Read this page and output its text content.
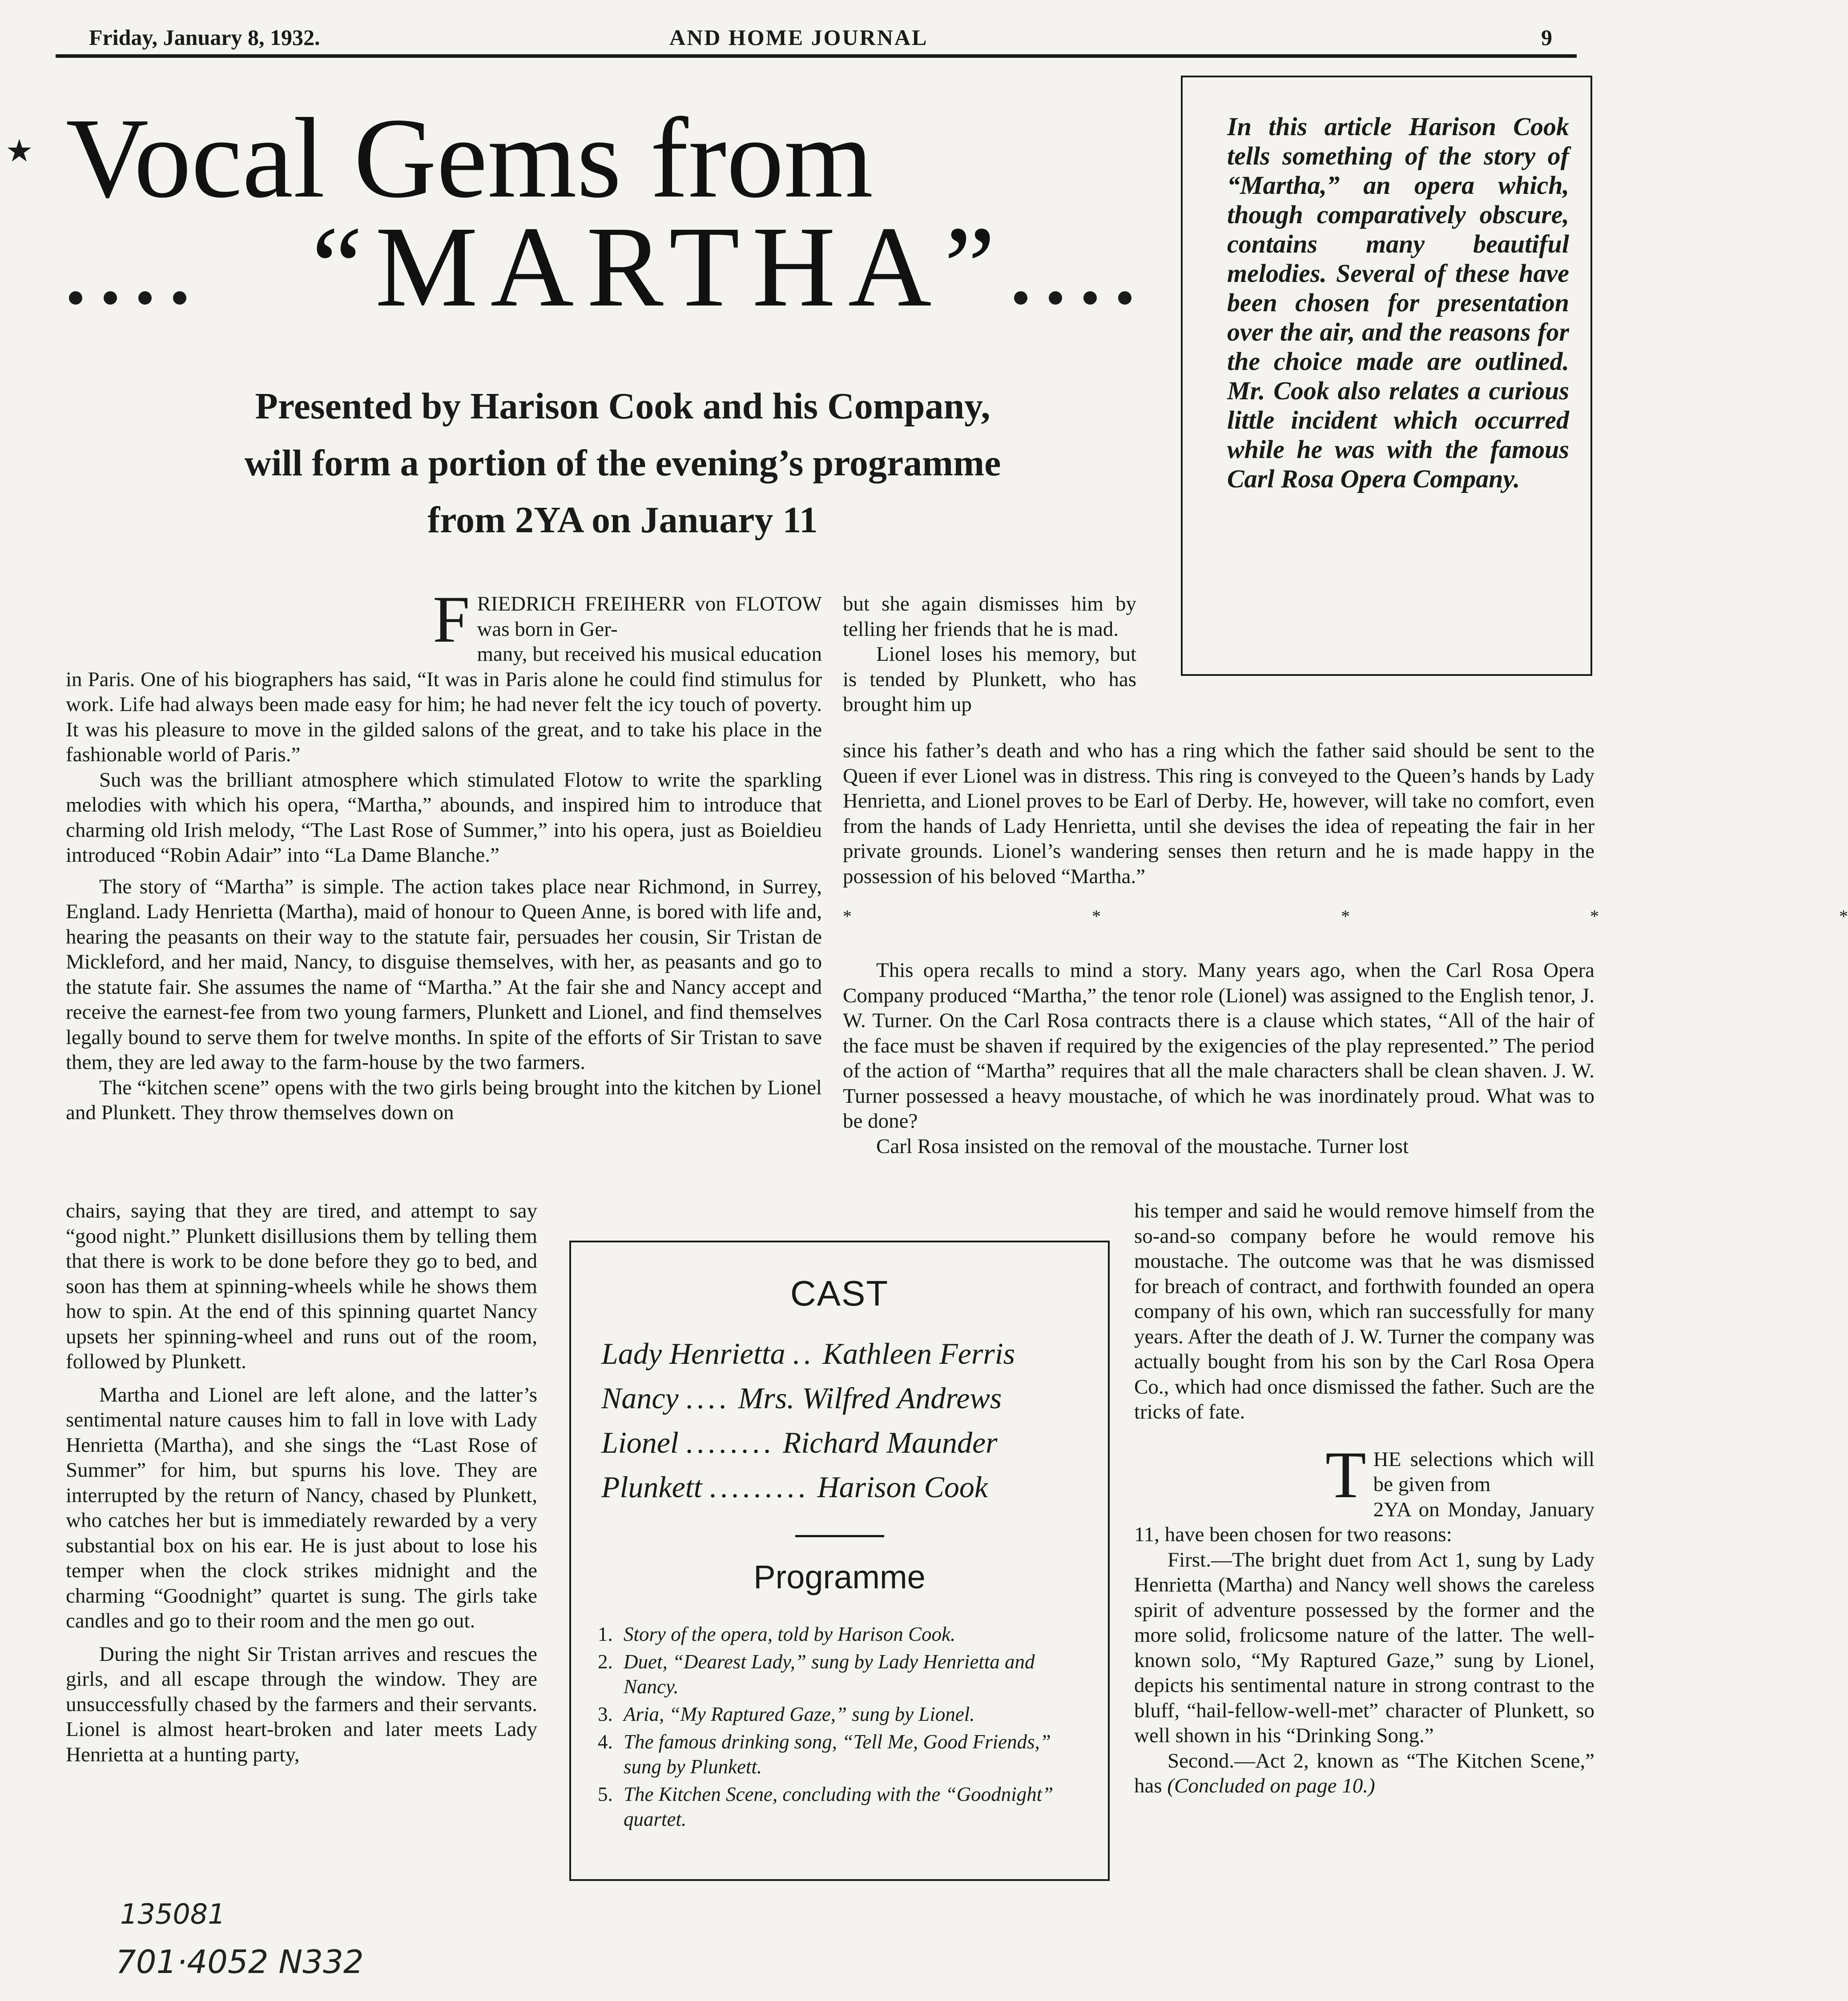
Friday, January 8, 1932.	AND HOME JOURNAL	9
★ Vocal Gems from
“MARTHA”
Presented by Harison Cook and his Company,
will form a portion of the evening’s programme
from 2YA on January 11
In this article Harison Cook tells something of the story of “Martha,” an opera which, though comparatively obscure, contains many beautiful melodies. Several of these have been chosen for presentation over the air, and the reasons for the choice made are outlined. Mr. Cook also relates a curious little incident which occurred while he was with the famous Carl Rosa Opera Company.
F RIEDRICH FREIHERR von FLOTOW was born in Ger-

many, but received his musical education in Paris. One of his biographers has said, “It was in Paris alone he could find stimulus for work. Life had always been made easy for him; he had never felt the icy touch of poverty. It was his pleasure to move in the gilded salons of the great, and to take his place in the fashionable world of Paris.”

Such was the brilliant atmosphere which stimulated Flotow to write the sparkling melodies with which his opera, “Martha,” abounds, and inspired him to introduce that charming old Irish melody, “The Last Rose of Summer,” into his opera, just as Boieldieu introduced “Robin Adair” into “La Dame Blanche.”

The story of “Martha” is simple. The action takes place near Richmond, in Surrey, England. Lady Henrietta (Martha), maid of honour to Queen Anne, is bored with life and, hearing the peasants on their way to the statute fair, persuades her cousin, Sir Tristan de Mickleford, and her maid, Nancy, to disguise themselves, with her, as peasants and go to the statute fair. She assumes the name of “Martha.” At the fair she and Nancy accept and receive the earnest-fee from two young farmers, Plunkett and Lionel, and find themselves legally bound to serve them for twelve months. In spite of the efforts of Sir Tristan to save them, they are led away to the farm-house by the two farmers.

The “kitchen scene” opens with the two girls being brought into the kitchen by Lionel and Plunkett. They throw themselves down on

chairs, saying that they are tired, and attempt to say “good night.” Plunkett disillusions them by telling them that there is work to be done before they go to bed, and soon has them at spinning-wheels while he shows them how to spin. At the end of this spinning quartet Nancy upsets her spinning-wheel and runs out of the room, followed by Plunkett.

Martha and Lionel are left alone, and the latter’s sentimental nature causes him to fall in love with Lady Henrietta (Martha), and she sings the “Last Rose of Summer” for him, but spurns his love. They are interrupted by the return of Nancy, chased by Plunkett, who catches her but is immediately rewarded by a very substantial box on his ear. He is just about to lose his temper when the clock strikes midnight and the charming “Goodnight” quartet is sung. The girls take candles and go to their room and the men go out.

During the night Sir Tristan arrives and rescues the girls, and all escape through the window. They are unsuccessfully chased by the farmers and their servants. Lionel is almost heart-broken and later meets Lady Henrietta at a hunting party,

135081
701·4052 N332

but she again dismisses him by telling her friends that he is mad.

Lionel loses his memory, but is tended by Plunkett, who has brought him up

since his father’s death and who has a ring which the father said should be sent to the Queen if ever Lionel was in distress. This ring is conveyed to the Queen’s hands by Lady Henrietta, and Lionel proves to be Earl of Derby. He, however, will take no comfort, even from the hands of Lady Henrietta, until she devises the idea of repeating the fair in her private grounds. Lionel’s wandering senses then return and he is made happy in the possession of his beloved “Martha.”

*  *  *  *  *

This opera recalls to mind a story. Many years ago, when the Carl Rosa Opera Company produced “Martha,” the tenor role (Lionel) was assigned to the English tenor, J. W. Turner. On the Carl Rosa contracts there is a clause which states, “All of the hair of the face must be shaven if required by the exigencies of the play represented.” The period of the action of “Martha” requires that all the male characters shall be clean shaven. J. W. Turner possessed a heavy moustache, of which he was inordinately proud. What was to be done?

Carl Rosa insisted on the removal of the moustache. Turner lost

his temper and said he would remove himself from the so-and-so company before he would remove his moustache. The outcome was that he was dismissed for breach of contract, and forthwith founded an opera company of his own, which ran successfully for many years. After the death of J. W. Turner the company was actually bought from his son by the Carl Rosa Opera Co., which had once dismissed the father. Such are the tricks of fate.

T HE selections which will be given from

2YA on Monday, January 11, have been chosen for two reasons:

First.—The bright duet from Act 1, sung by Lady Henrietta (Martha) and Nancy well shows the careless spirit of adventure possessed by the former and the more solid, frolicsome nature of the latter. The well-known solo, “My Raptured Gaze,” sung by Lionel, depicts his sentimental nature in strong contrast to the bluff, “hail-fellow-well-met” character of Plunkett, so well shown in his “Drinking Song.”

Second.—Act 2, known as “The Kitchen Scene,” has (Concluded on page 10.)

CAST
Lady Henrietta .. Kathleen Ferris
Nancy .... Mrs. Wilfred Andrews
Lionel ........ Richard Maunder
Plunkett ......... Harison Cook
Programme
1. Story of the opera, told by Harison Cook.
2. Duet, “Dearest Lady,” sung by Lady Henrietta and Nancy.
3. Aria, “My Raptured Gaze,” sung by Lionel.
4. The famous drinking song, “Tell Me, Good Friends,” sung by Plunkett.
5. The Kitchen Scene, concluding with the “Goodnight” quartet.
